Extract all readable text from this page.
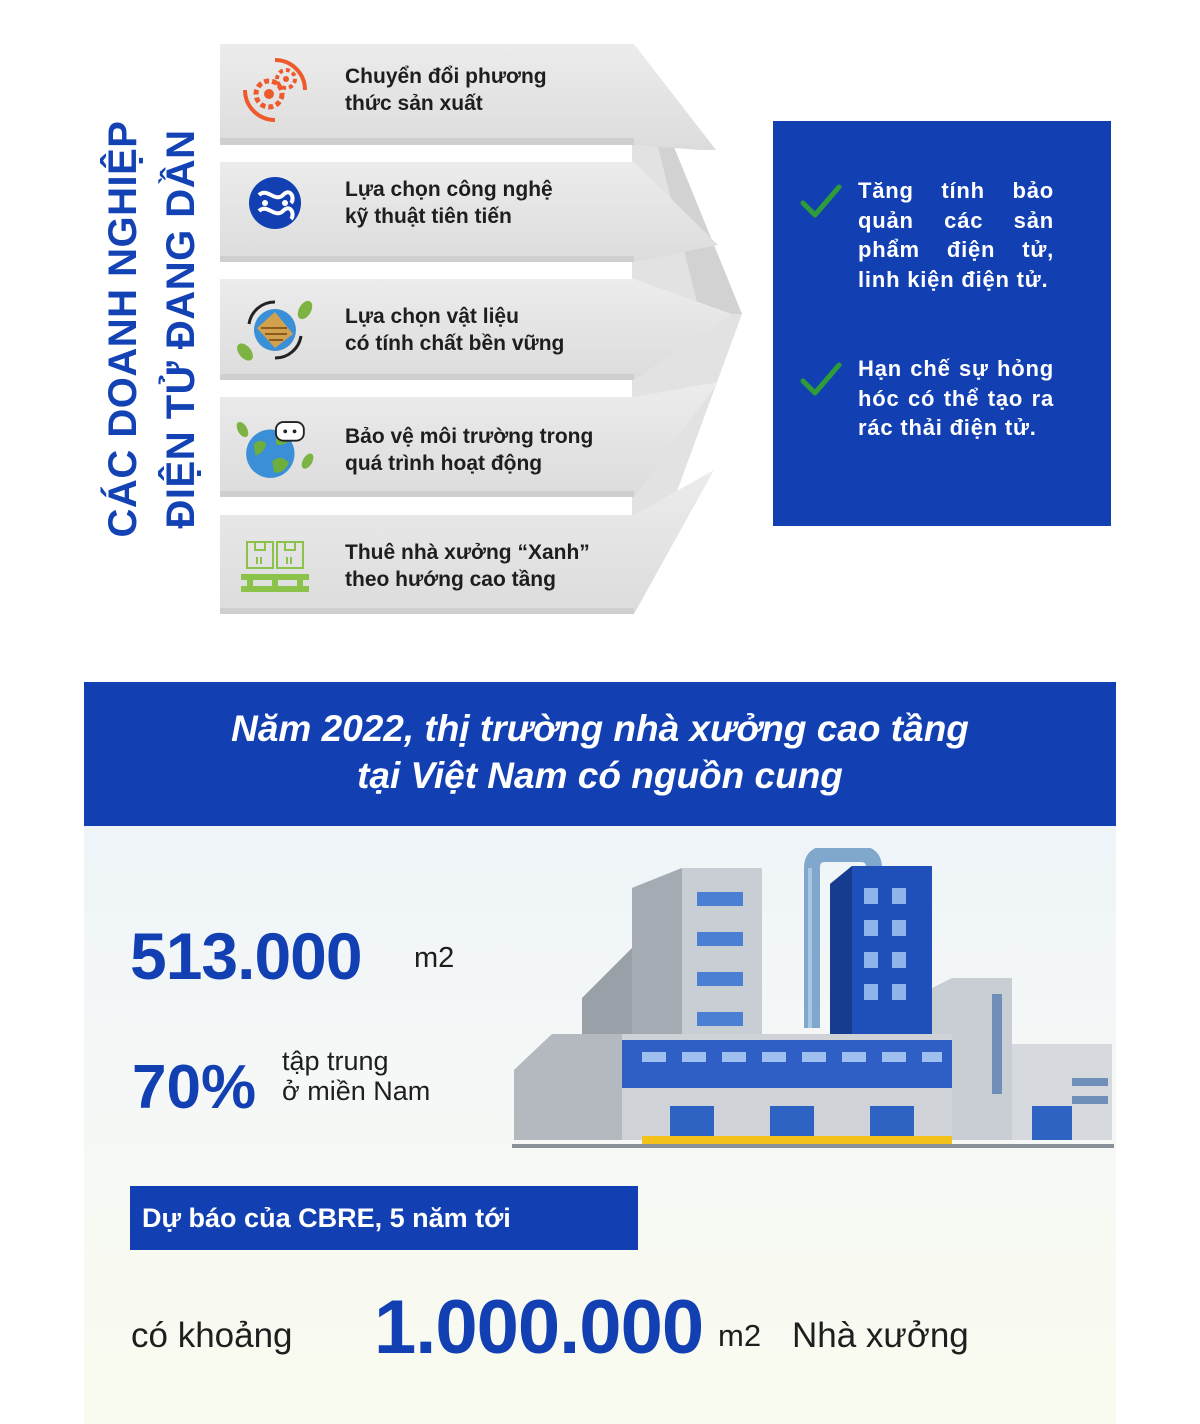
CÁC DOANH NGHIỆP ĐIỆN TỬ ĐANG DẦN
Chuyển đổi phương
thức sản xuất
Lựa chọn công nghệ
kỹ thuật tiên tiến
Lựa chọn vật liệu
có tính chất bền vững
Bảo vệ môi trường trong
quá trình hoạt động
Thuê nhà xưởng “Xanh”
theo hướng cao tầng
Tăng tính bảo quản các sản phẩm điện tử, linh kiện điện tử.
Hạn chế sự hỏng hóc có thể tạo ra rác thải điện tử.
Năm 2022, thị trường nhà xưởng cao tầng
tại Việt Nam có nguồn cung
513.000 m2
70% tập trung
ở miền Nam
Dự báo của CBRE, 5 năm tới
có khoảng 1.000.000 m2 Nhà xưởng
